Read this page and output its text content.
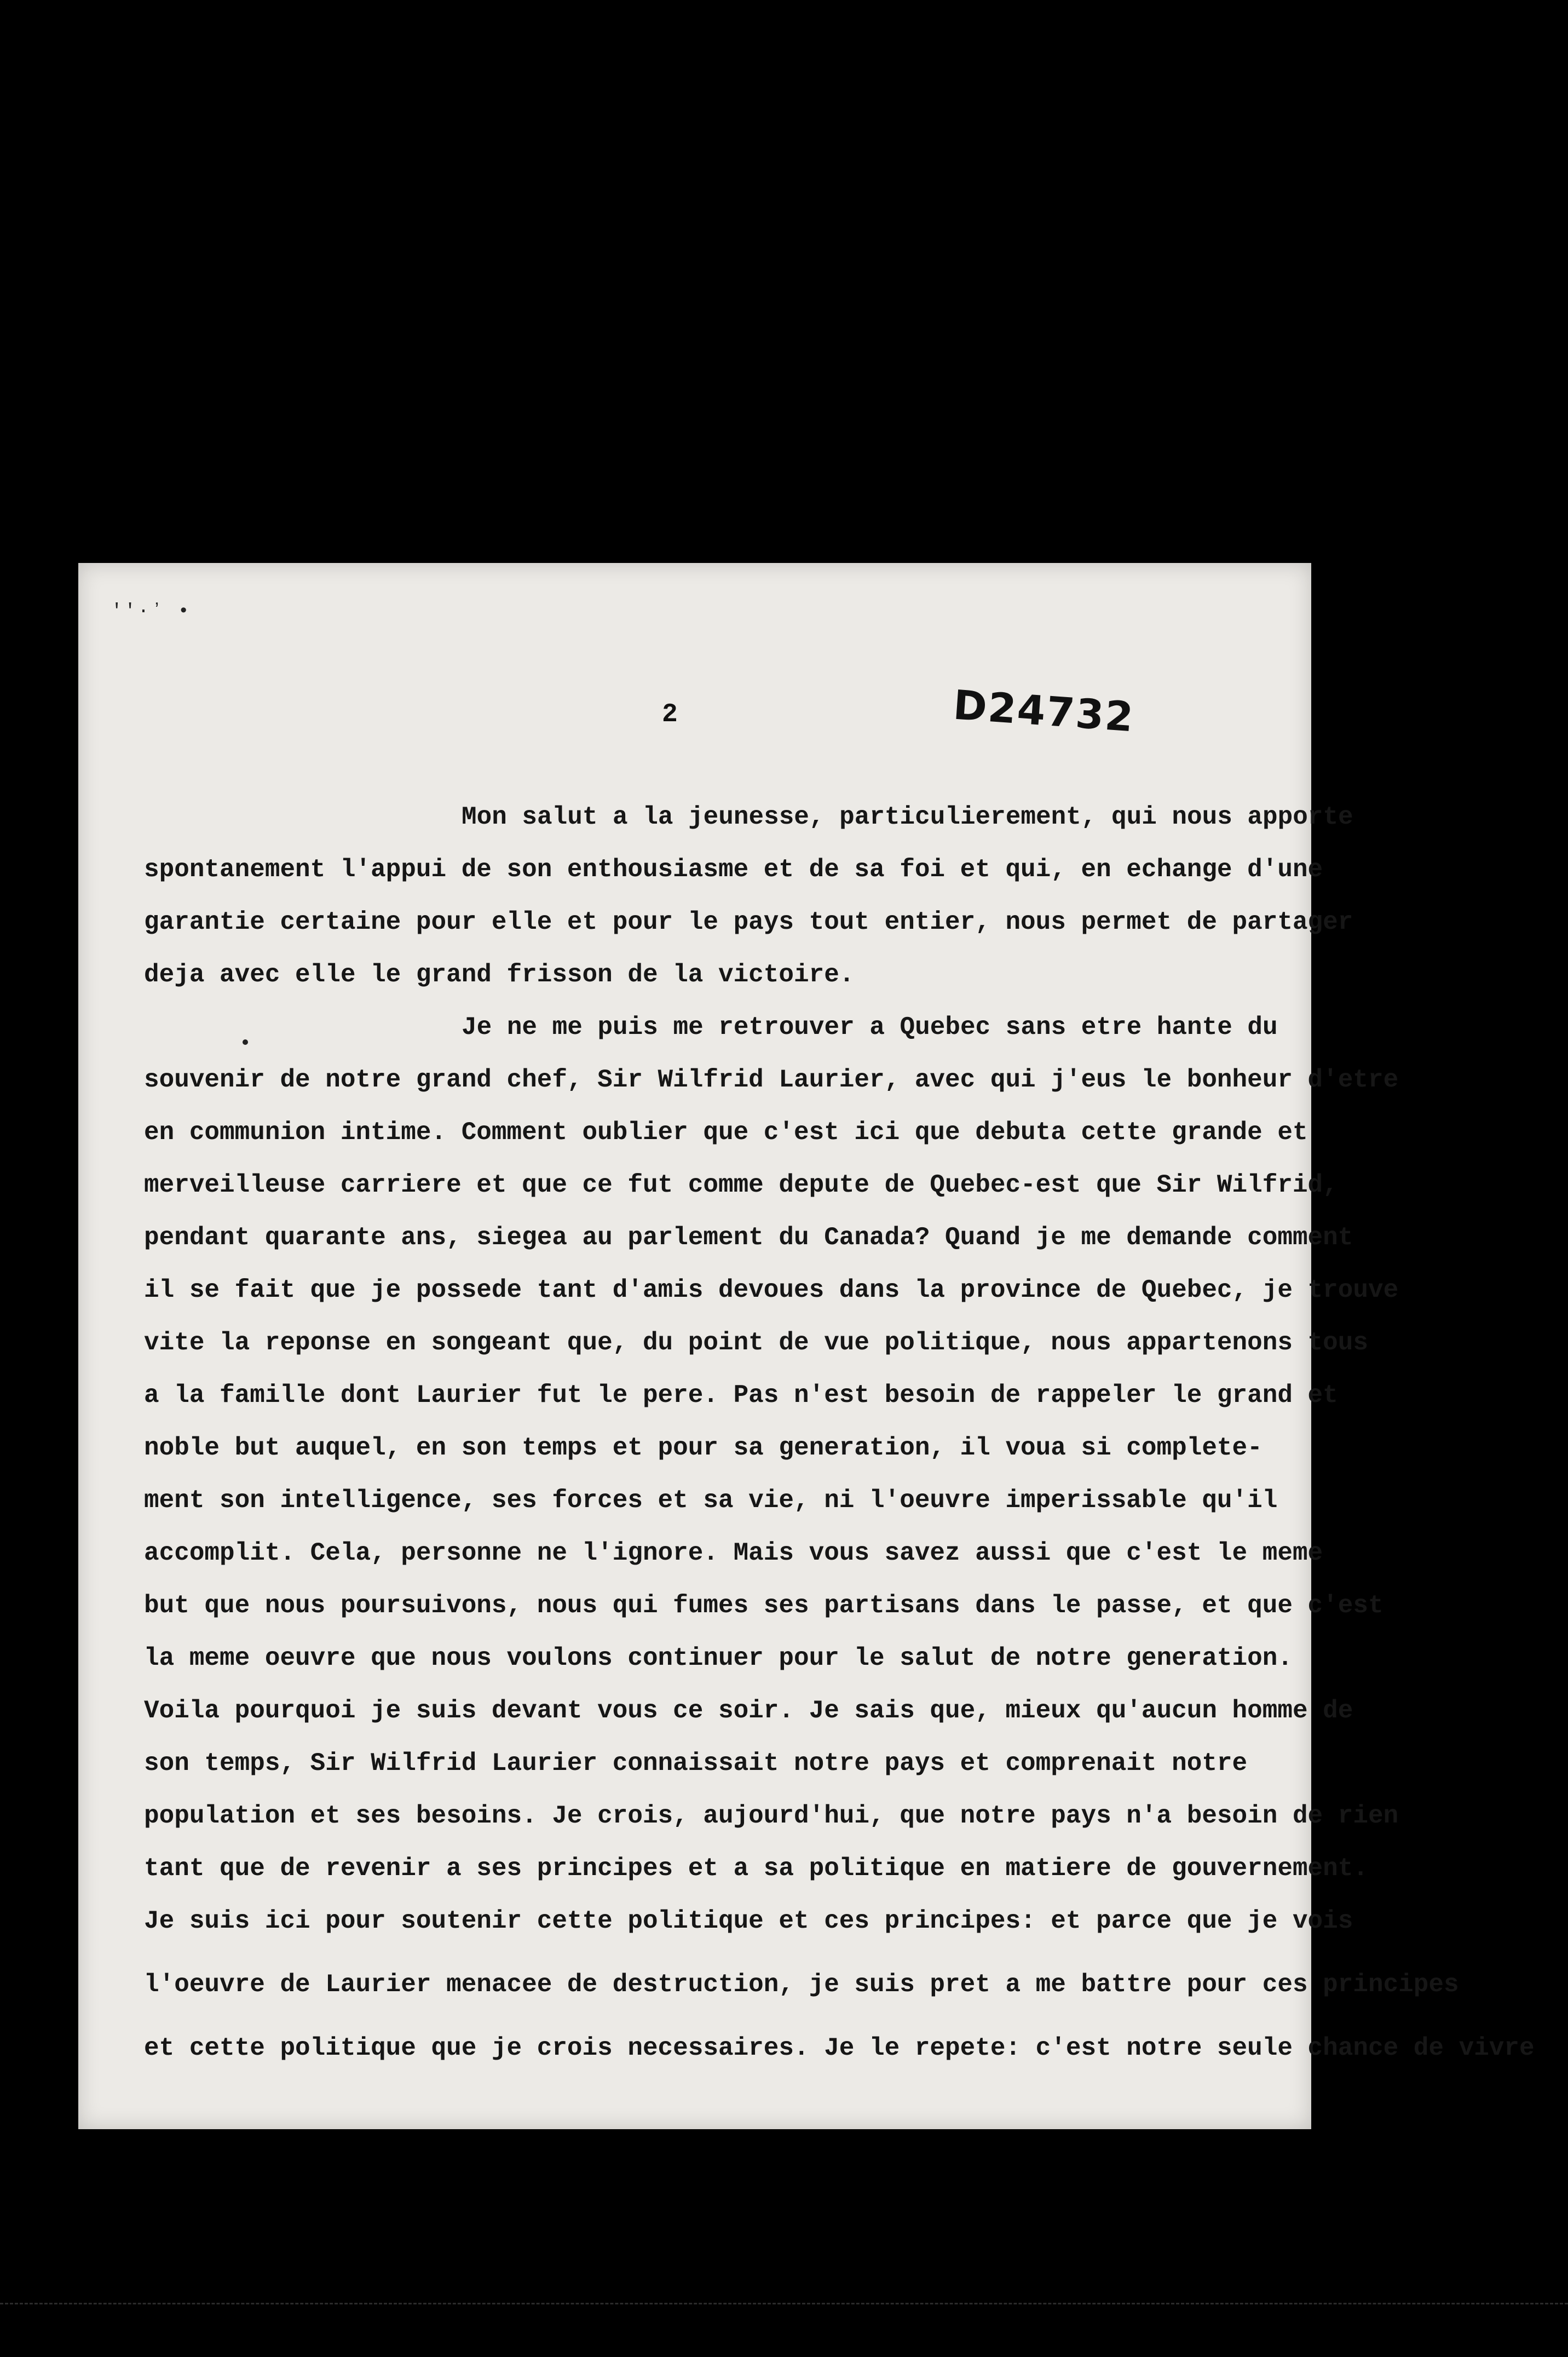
′′·ʼ •
2	D24732
Mon salut a la jeunesse, particulierement, qui nous apporte
spontanement l'appui de son enthousiasme et de sa foi et qui, en echange d'une
garantie certaine pour elle et pour le pays tout entier, nous permet de partager
deja avec elle le grand frisson de la victoire.
Je ne me puis me retrouver a Quebec sans etre hante du
souvenir de notre grand chef, Sir Wilfrid Laurier, avec qui j'eus le bonheur d'etre
en communion intime. Comment oublier que c'est ici que debuta cette grande et
merveilleuse carriere et que ce fut comme depute de Quebec-est que Sir Wilfrid,
pendant quarante ans, siegea au parlement du Canada? Quand je me demande comment
il se fait que je possede tant d'amis devoues dans la province de Quebec, je trouve
vite la reponse en songeant que, du point de vue politique, nous appartenons tous
a la famille dont Laurier fut le pere. Pas n'est besoin de rappeler le grand et
noble but auquel, en son temps et pour sa generation, il voua si complete-
ment son intelligence, ses forces et sa vie, ni l'oeuvre imperissable qu'il
accomplit. Cela, personne ne l'ignore. Mais vous savez aussi que c'est le meme
but que nous poursuivons, nous qui fumes ses partisans dans le passe, et que c'est
la meme oeuvre que nous voulons continuer pour le salut de notre generation.
Voila pourquoi je suis devant vous ce soir. Je sais que, mieux qu'aucun homme de
son temps, Sir Wilfrid Laurier connaissait notre pays et comprenait notre
population et ses besoins. Je crois, aujourd'hui, que notre pays n'a besoin de rien
tant que de revenir a ses principes et a sa politique en matiere de gouvernement.
Je suis ici pour soutenir cette politique et ces principes: et parce que je vois
l'oeuvre de Laurier menacee de destruction, je suis pret a me battre pour ces principes
et cette politique que je crois necessaires. Je le repete: c'est notre seule chance de vivre
